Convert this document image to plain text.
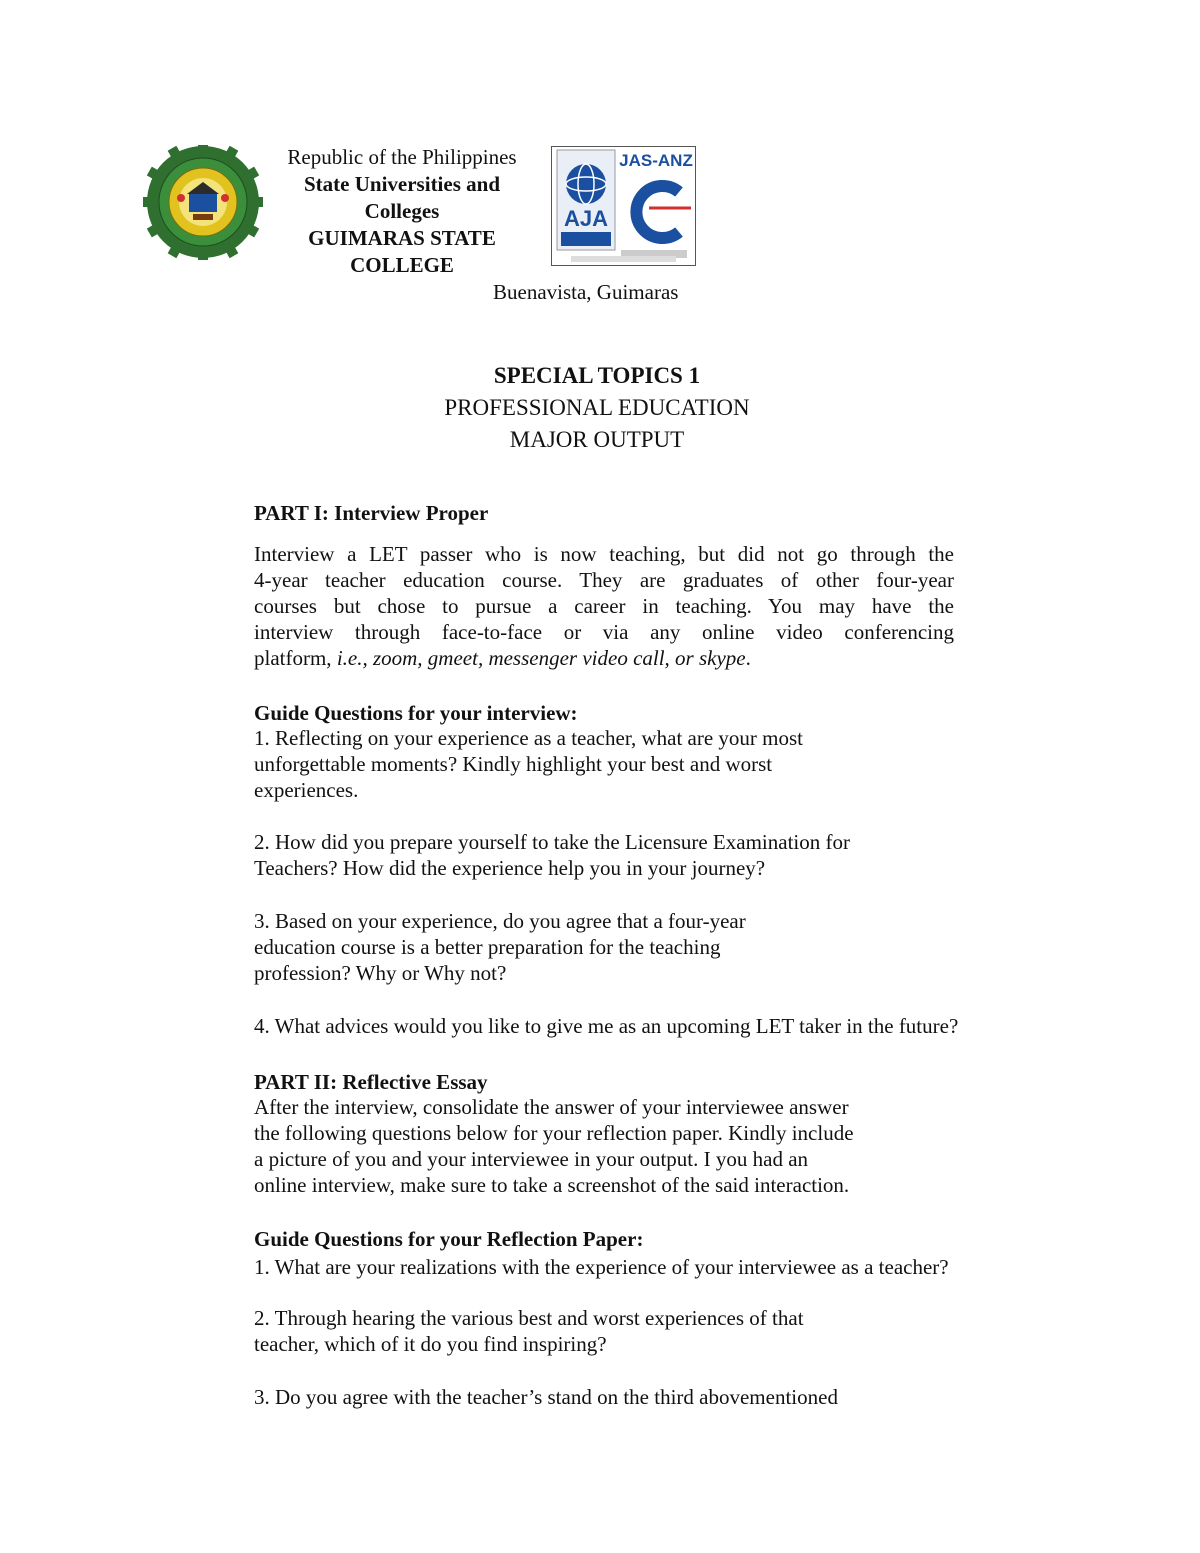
Republic of the Philippines
State Universities and
Colleges
GUIMARAS STATE
COLLEGE
AJA
JAS-ANZ
Buenavista, Guimaras
SPECIAL TOPICS 1
PROFESSIONAL EDUCATION
MAJOR OUTPUT
PART I: Interview Proper
Interview a LET passer who is now teaching, but did not go through the
4-year teacher education course. They are graduates of other four-year
courses but chose to pursue a career in teaching. You may have the
interview through face-to-face or via any online video conferencing
platform, i.e., zoom, gmeet, messenger video call, or skype.
Guide Questions for your interview:
1. Reflecting on your experience as a teacher, what are your most
unforgettable moments? Kindly highlight your best and worst
experiences.
2. How did you prepare yourself to take the Licensure Examination for
Teachers? How did the experience help you in your journey?
3. Based on your experience, do you agree that a four-year
education course is a better preparation for the teaching
profession? Why or Why not?
4. What advices would you like to give me as an upcoming LET taker in the future?
PART II: Reflective Essay
After the interview, consolidate the answer of your interviewee answer
the following questions below for your reflection paper. Kindly include
a picture of you and your interviewee in your output. I you had an
online interview, make sure to take a screenshot of the said interaction.
Guide Questions for your Reflection Paper:
1. What are your realizations with the experience of your interviewee as a teacher?
2. Through hearing the various best and worst experiences of that
teacher, which of it do you find inspiring?
3. Do you agree with the teacher’s stand on the third abovementioned
